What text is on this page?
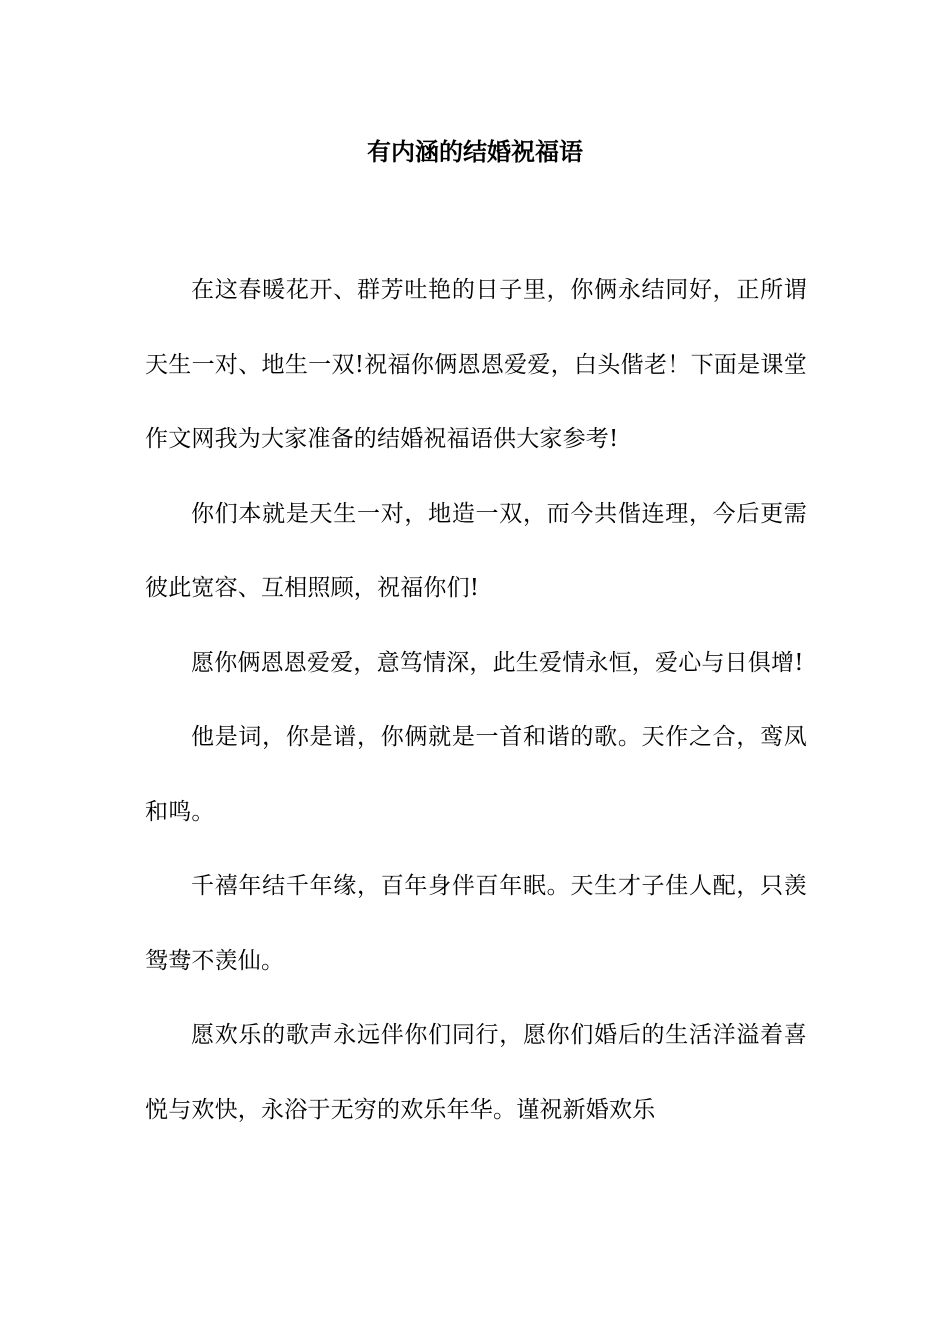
有内涵的结婚祝福语

在这春暖花开、群芳吐艳的日子里，你俩永结同好，正所谓天生一对、地生一双!祝福你俩恩恩爱爱，白头偕老！下面是课堂作文网我为大家准备的结婚祝福语供大家参考!

你们本就是天生一对，地造一双，而今共偕连理，今后更需彼此宽容、互相照顾，祝福你们!

愿你俩恩恩爱爱，意笃情深，此生爱情永恒，爱心与日俱增!

他是词，你是谱，你俩就是一首和谐的歌。天作之合，鸾凤和鸣。

千禧年结千年缘，百年身伴百年眠。天生才子佳人配，只羡鸳鸯不羡仙。

愿欢乐的歌声永远伴你们同行，愿你们婚后的生活洋溢着喜悦与欢快，永浴于无穷的欢乐年华。谨祝新婚欢乐
